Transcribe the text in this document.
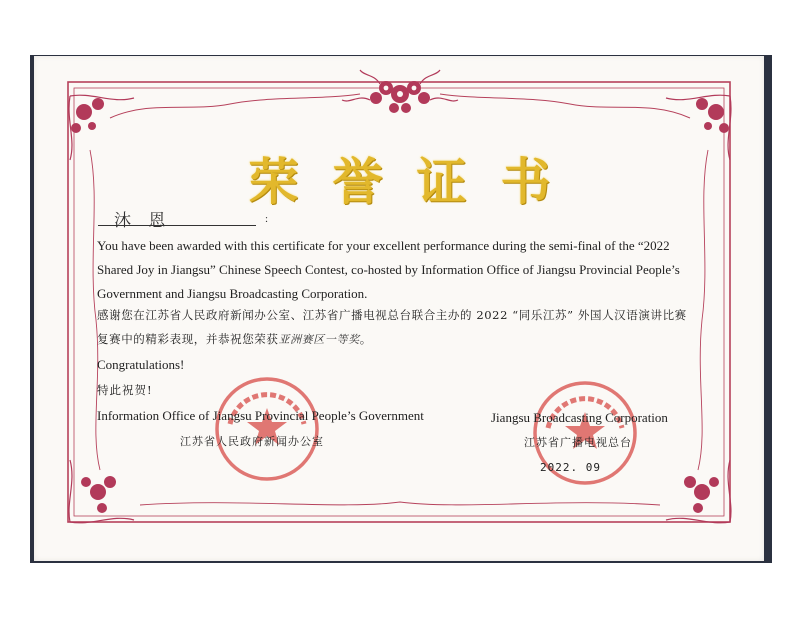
荣誉证书
沐 恩	:
You have been awarded with this certificate for your excellent performance during the semi-final of the “2022 Shared Joy in Jiangsu” Chinese Speech Contest, co-hosted by Information Office of Jiangsu Provincial People’s Government and Jiangsu Broadcasting Corporation.
感谢您在江苏省人民政府新闻办公室、江苏省广播电视总台联合主办的 2022 “同乐江苏” 外国人汉语演讲比赛复赛中的精彩表现，并恭祝您荣获亚洲赛区一等奖。
Congratulations!
特此祝贺!
Information Office of Jiangsu Provincial People’s Government
江苏省人民政府新闻办公室
Jiangsu Broadcasting Corporation
江苏省广播电视总台
2022. 09
